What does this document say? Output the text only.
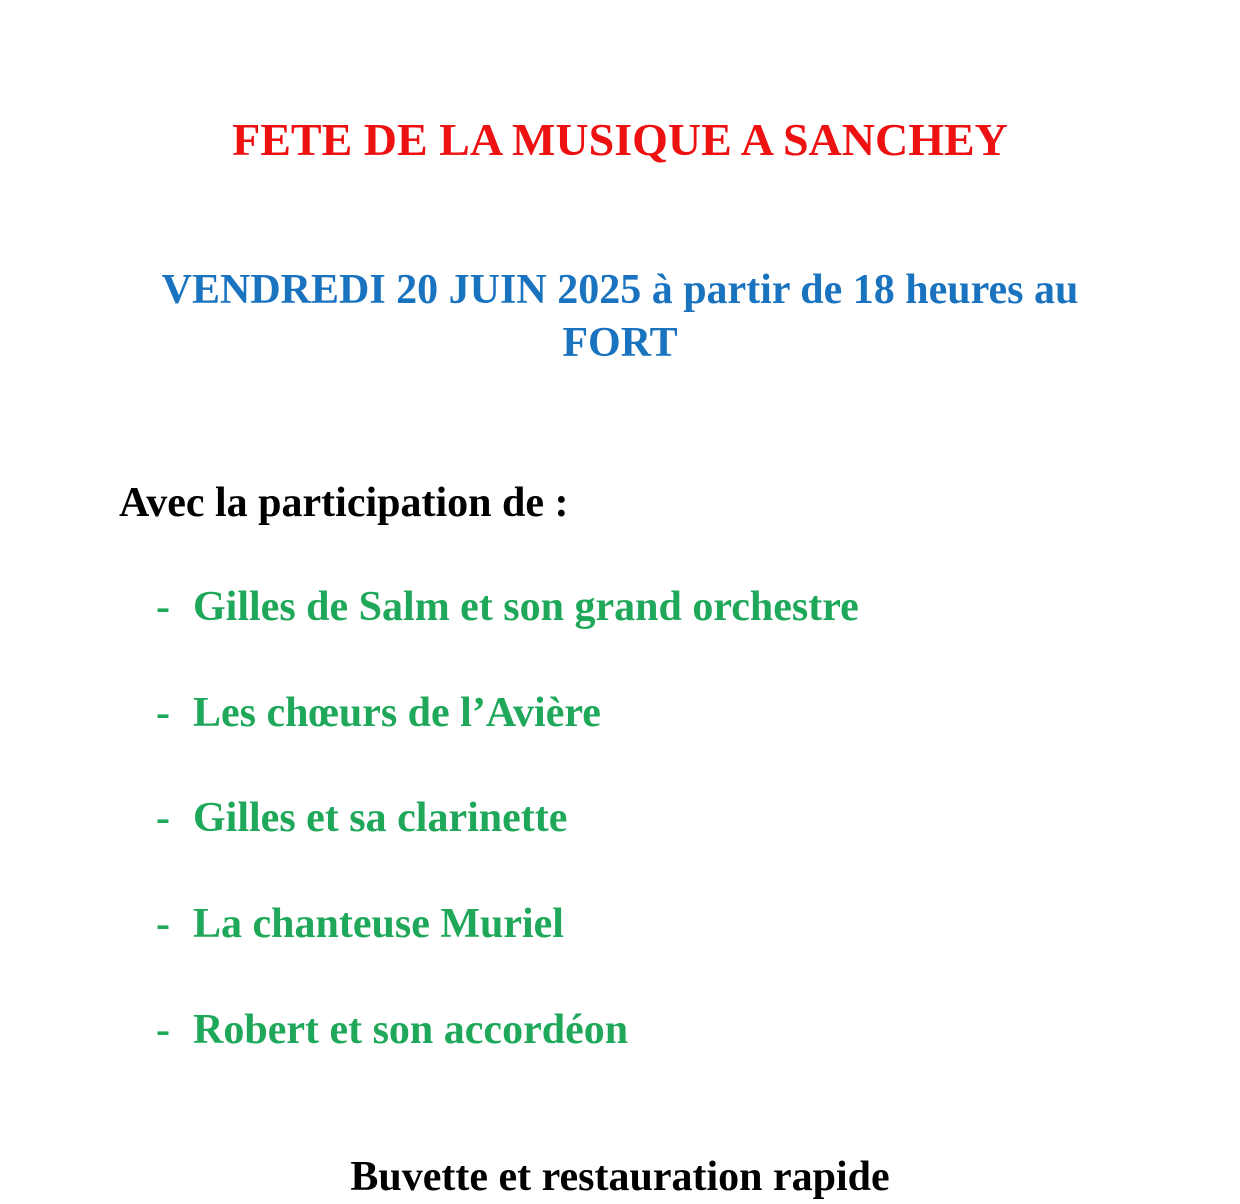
FETE DE LA MUSIQUE A SANCHEY
VENDREDI 20 JUIN 2025 à partir de 18 heures au
FORT

Avec la participation de :

- Gilles de Salm et son grand orchestre
- Les chœurs de l’Avière
- Gilles et sa clarinette
- La chanteuse Muriel
- Robert et son accordéon

Buvette et restauration rapide
